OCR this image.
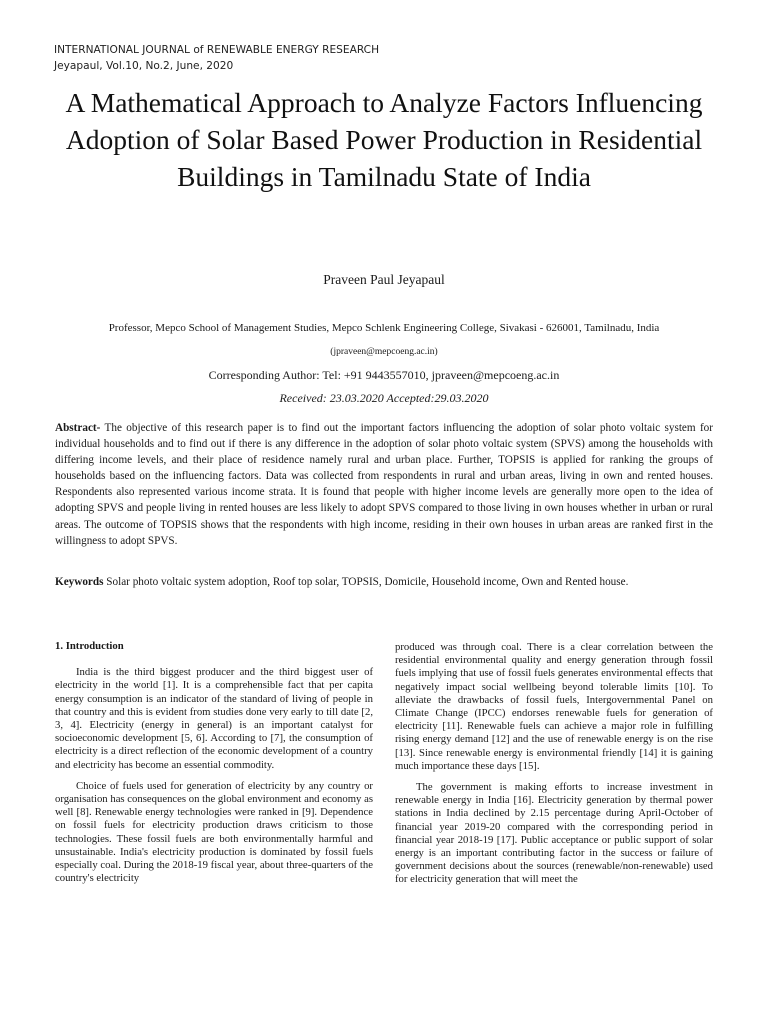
INTERNATIONAL JOURNAL of RENEWABLE ENERGY RESEARCH
Jeyapaul, Vol.10, No.2, June, 2020
A Mathematical Approach to Analyze Factors Influencing Adoption of Solar Based Power Production in Residential Buildings in Tamilnadu State of India
Praveen Paul Jeyapaul
Professor, Mepco School of Management Studies, Mepco Schlenk Engineering College, Sivakasi - 626001, Tamilnadu, India
(jpraveen@mepcoeng.ac.in)
Corresponding Author: Tel: +91 9443557010, jpraveen@mepcoeng.ac.in
Received: 23.03.2020 Accepted:29.03.2020
Abstract- The objective of this research paper is to find out the important factors influencing the adoption of solar photo voltaic system for individual households and to find out if there is any difference in the adoption of solar photo voltaic system (SPVS) among the households with differing income levels, and their place of residence namely rural and urban place. Further, TOPSIS is applied for ranking the groups of households based on the influencing factors. Data was collected from respondents in rural and urban areas, living in own and rented houses. Respondents also represented various income strata. It is found that people with higher income levels are generally more open to the idea of adopting SPVS and people living in rented houses are less likely to adopt SPVS compared to those living in own houses whether in urban or rural areas. The outcome of TOPSIS shows that the respondents with high income, residing in their own houses in urban areas are ranked first in the willingness to adopt SPVS.
Keywords Solar photo voltaic system adoption, Roof top solar, TOPSIS, Domicile, Household income, Own and Rented house.
1. Introduction

India is the third biggest producer and the third biggest user of electricity in the world [1]. It is a comprehensible fact that per capita energy consumption is an indicator of the standard of living of people in that country and this is evident from studies done very early to till date [2, 3, 4]. Electricity (energy in general) is an important catalyst for socioeconomic development [5, 6]. According to [7], the consumption of electricity is a direct reflection of the economic development of a country and electricity has become an essential commodity.

Choice of fuels used for generation of electricity by any country or organisation has consequences on the global environment and economy as well [8]. Renewable energy technologies were ranked in [9]. Dependence on fossil fuels for electricity production draws criticism to those technologies. These fossil fuels are both environmentally harmful and unsustainable. India's electricity production is dominated by fossil fuels especially coal. During the 2018-19 fiscal year, about three-quarters of the country's electricity

produced was through coal. There is a clear correlation between the residential environmental quality and energy generation through fossil fuels implying that use of fossil fuels generates environmental effects that negatively impact social wellbeing beyond tolerable limits [10]. To alleviate the drawbacks of fossil fuels, Intergovernmental Panel on Climate Change (IPCC) endorses renewable fuels for generation of electricity [11]. Renewable fuels can achieve a major role in fulfilling rising energy demand [12] and the use of renewable energy is on the rise [13]. Since renewable energy is environmental friendly [14] it is gaining much importance these days [15].

The government is making efforts to increase investment in renewable energy in India [16]. Electricity generation by thermal power stations in India declined by 2.15 percentage during April-October of financial year 2019-20 compared with the corresponding period in financial year 2018-19 [17]. Public acceptance or public support of solar energy is an important contributing factor in the success or failure of government decisions about the sources (renewable/non-renewable) used for electricity generation that will meet the
